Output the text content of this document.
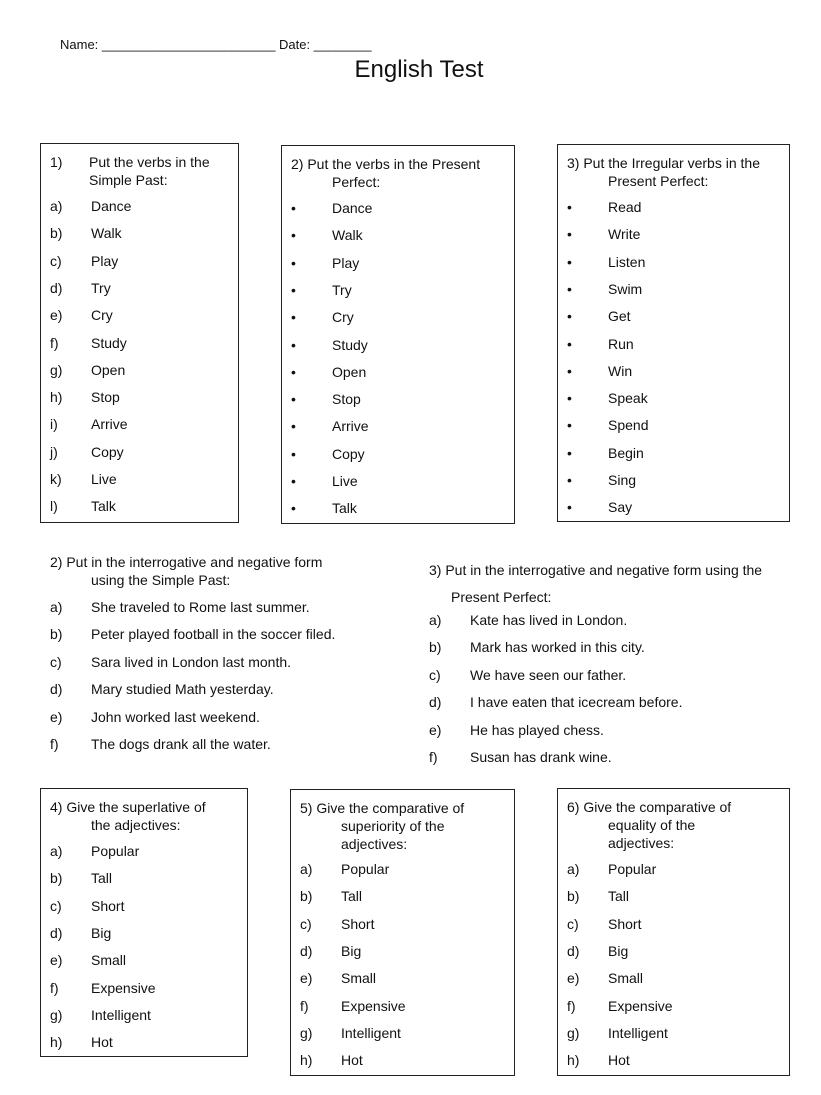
Name: ________________________ Date: ________
English Test
1) Put the verbs in the
Simple Past:
a) Dance
b) Walk
c) Play
d) Try
e) Cry
f) Study
g) Open
h) Stop
i) Arrive
j) Copy
k) Live
l) Talk
2) Put the verbs in the Present
Perfect:
•	Dance
•	Walk
•	Play
•	Try
•	Cry
•	Study
•	Open
•	Stop
•	Arrive
•	Copy
•	Live
•	Talk
3) Put the Irregular verbs in the
Present Perfect:
•	Read
•	Write
•	Listen
•	Swim
•	Get
•	Run
•	Win
•	Speak
•	Spend
•	Begin
•	Sing
•	Say
2) Put in the interrogative and negative form
using the Simple Past:
3) Put in the interrogative and negative form using the
Present Perfect:
4) Give the superlative of
the adjectives:
a) Popular
b) Tall
c) Short
d) Big
e) Small
f) Expensive
g) Intelligent
h) Hot
5) Give the comparative of
superiority of the
adjectives:
a) Popular
b) Tall
c) Short
d) Big
e) Small
f) Expensive
g) Intelligent
h) Hot
6) Give the comparative of
equality of the
adjectives:
a) Popular
b) Tall
c) Short
d) Big
e) Small
f) Expensive
g) Intelligent
h) Hot
a) She traveled to Rome last summer.
b) Peter played football in the soccer filed.
c) Sara lived in London last month.
d) Mary studied Math yesterday.
e) John worked last weekend.
f) The dogs drank all the water.
a) Kate has lived in London.
b) Mark has worked in this city.
c) We have seen our father.
d) I have eaten that icecream before.
e) He has played chess.
f) Susan has drank wine.
